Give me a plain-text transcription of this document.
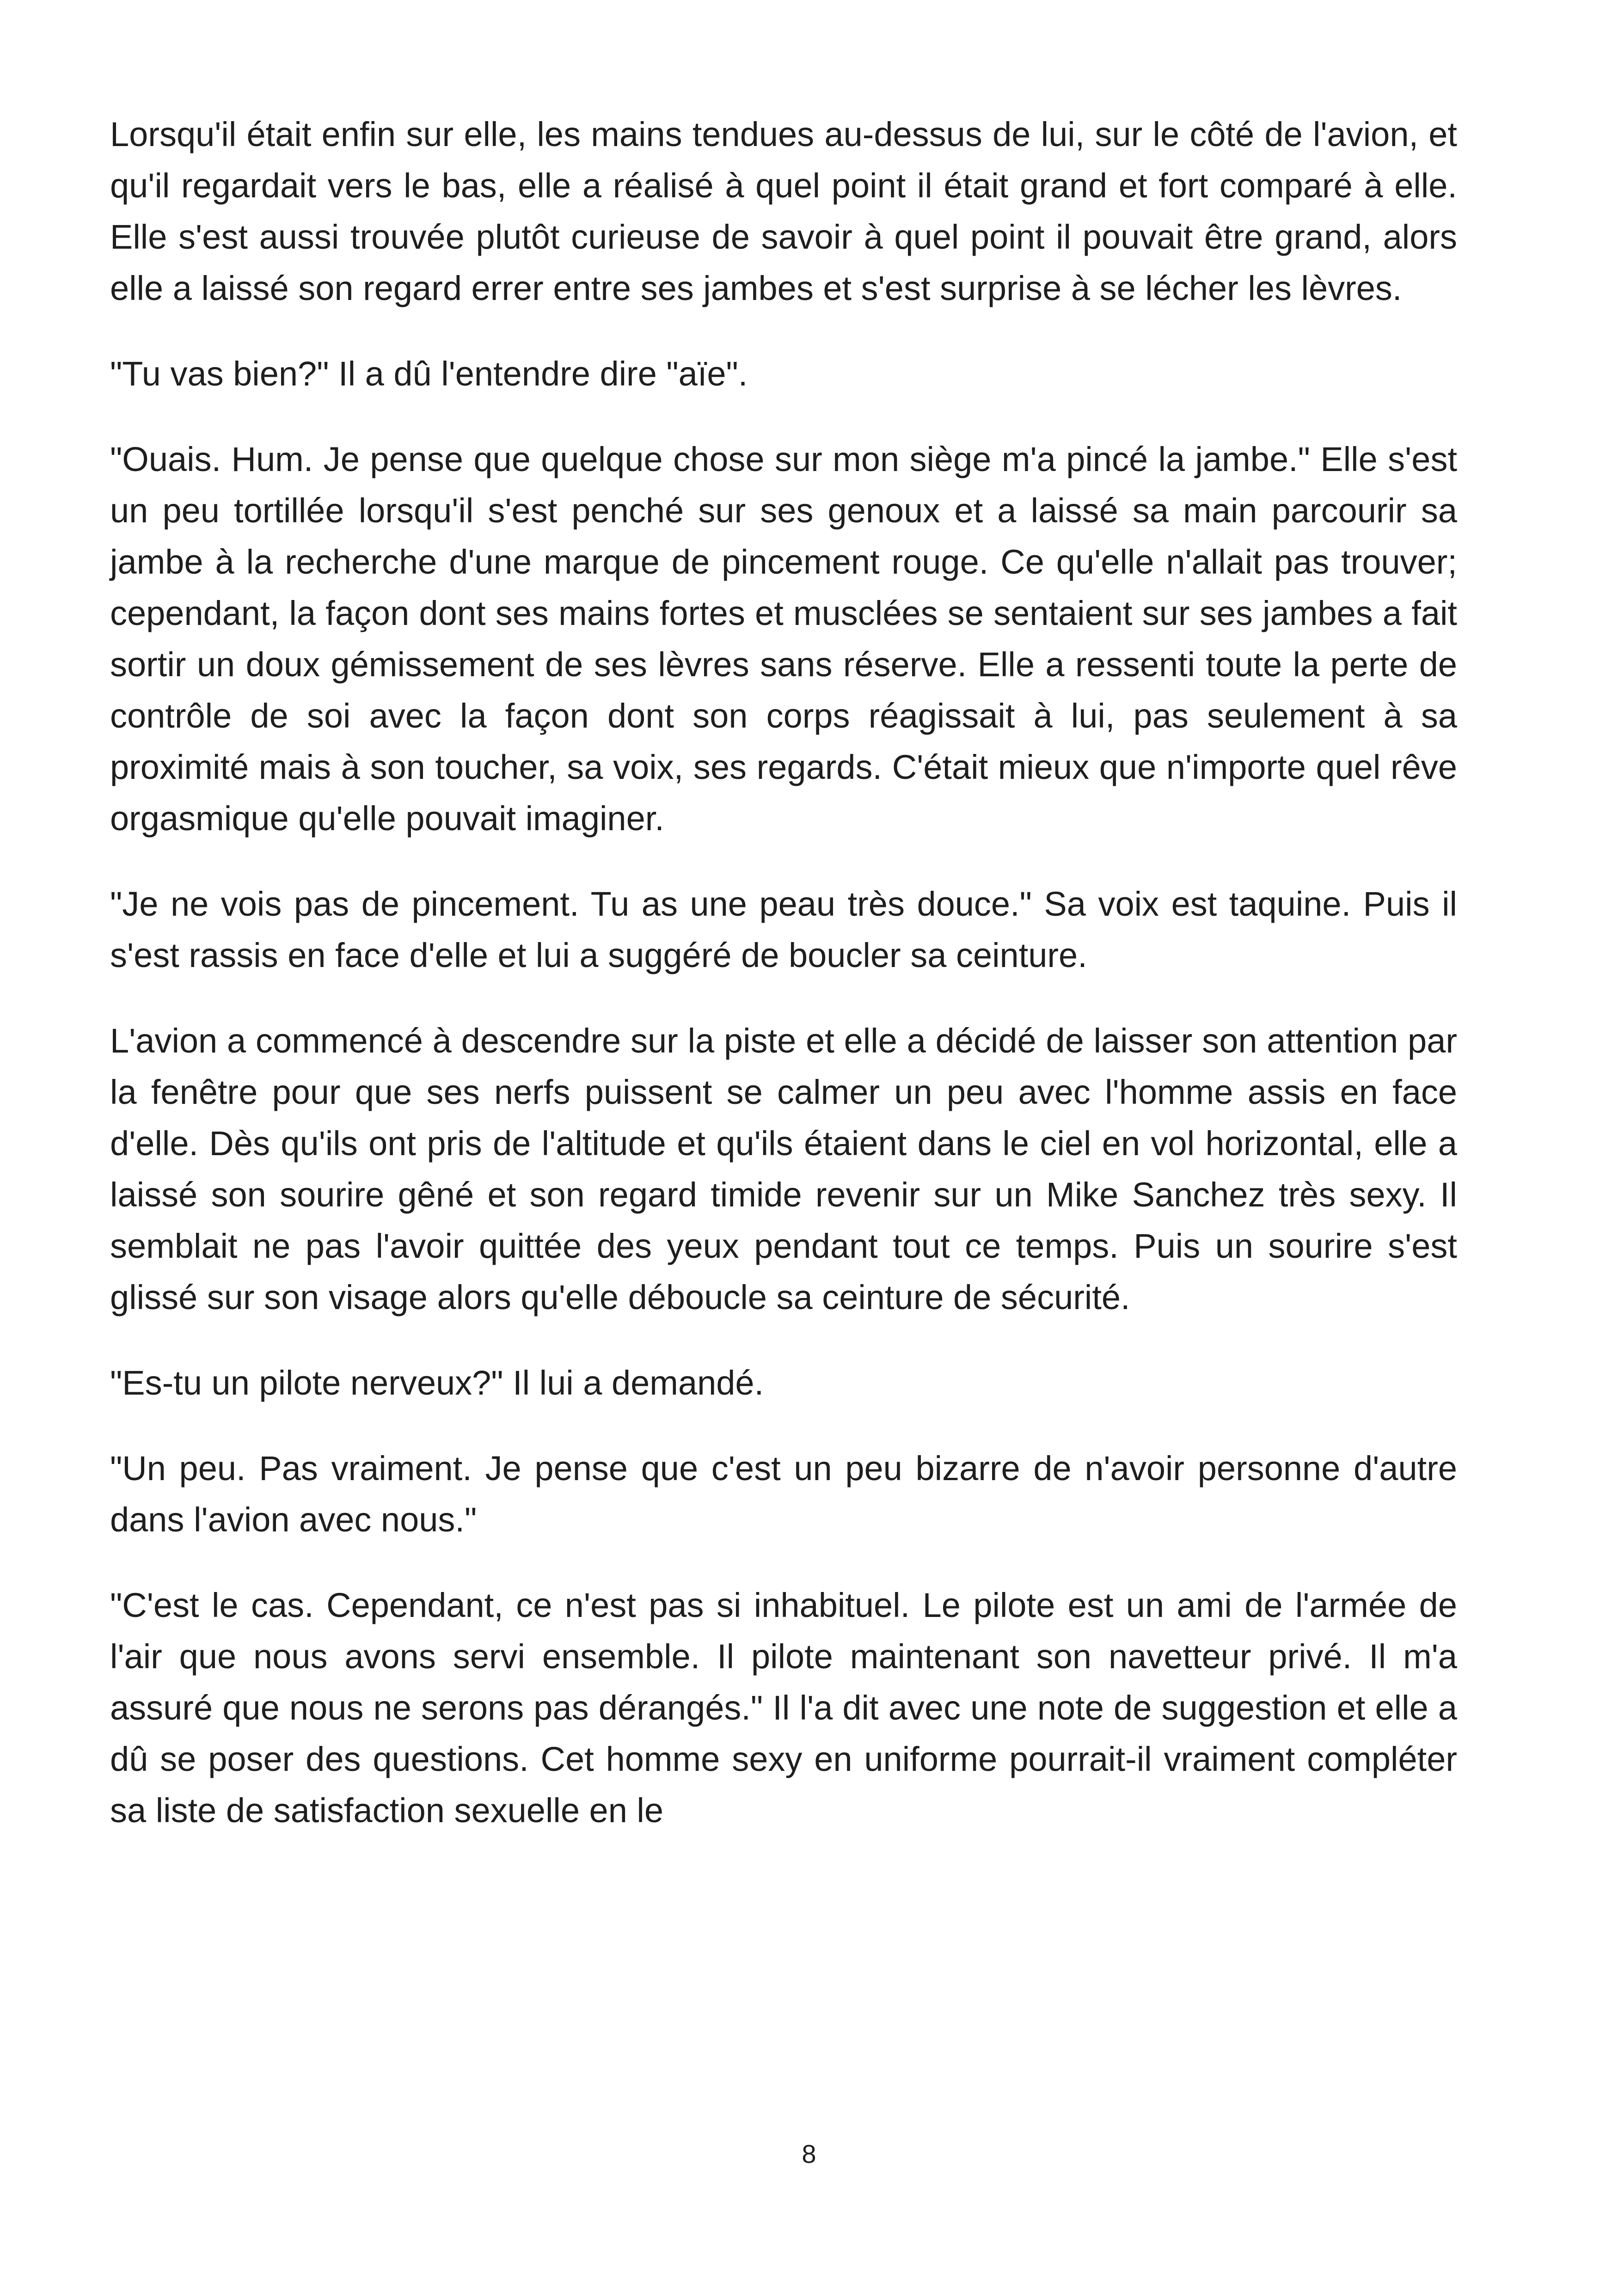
Lorsqu'il était enfin sur elle, les mains tendues au-dessus de lui, sur le côté de l'avion, et qu'il regardait vers le bas, elle a réalisé à quel point il était grand et fort comparé à elle. Elle s'est aussi trouvée plutôt curieuse de savoir à quel point il pouvait être grand, alors elle a laissé son regard errer entre ses jambes et s'est surprise à se lécher les lèvres.

"Tu vas bien?" Il a dû l'entendre dire "aïe".

"Ouais. Hum. Je pense que quelque chose sur mon siège m'a pincé la jambe." Elle s'est un peu tortillée lorsqu'il s'est penché sur ses genoux et a laissé sa main parcourir sa jambe à la recherche d'une marque de pincement rouge. Ce qu'elle n'allait pas trouver; cependant, la façon dont ses mains fortes et musclées se sentaient sur ses jambes a fait sortir un doux gémissement de ses lèvres sans réserve. Elle a ressenti toute la perte de contrôle de soi avec la façon dont son corps réagissait à lui, pas seulement à sa proximité mais à son toucher, sa voix, ses regards. C'était mieux que n'importe quel rêve orgasmique qu'elle pouvait imaginer.

"Je ne vois pas de pincement. Tu as une peau très douce." Sa voix est taquine. Puis il s'est rassis en face d'elle et lui a suggéré de boucler sa ceinture.

L'avion a commencé à descendre sur la piste et elle a décidé de laisser son attention par la fenêtre pour que ses nerfs puissent se calmer un peu avec l'homme assis en face d'elle. Dès qu'ils ont pris de l'altitude et qu'ils étaient dans le ciel en vol horizontal, elle a laissé son sourire gêné et son regard timide revenir sur un Mike Sanchez très sexy. Il semblait ne pas l'avoir quittée des yeux pendant tout ce temps. Puis un sourire s'est glissé sur son visage alors qu'elle déboucle sa ceinture de sécurité.

"Es-tu un pilote nerveux?" Il lui a demandé.

"Un peu. Pas vraiment. Je pense que c'est un peu bizarre de n'avoir personne d'autre dans l'avion avec nous."

"C'est le cas. Cependant, ce n'est pas si inhabituel. Le pilote est un ami de l'armée de l'air que nous avons servi ensemble. Il pilote maintenant son navetteur privé. Il m'a assuré que nous ne serons pas dérangés." Il l'a dit avec une note de suggestion et elle a dû se poser des questions. Cet homme sexy en uniforme pourrait-il vraiment compléter sa liste de satisfaction sexuelle en le

8
